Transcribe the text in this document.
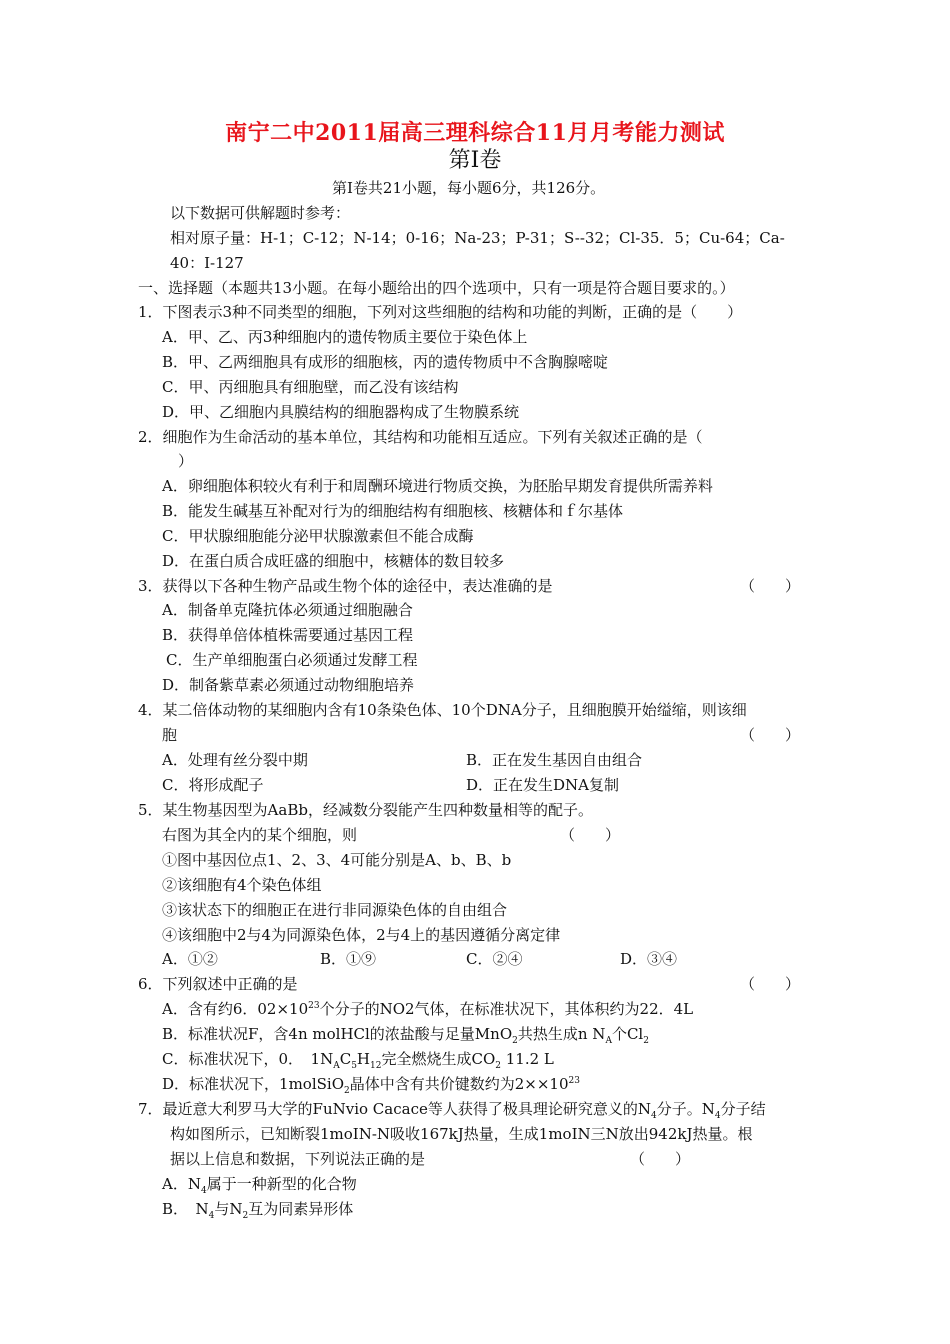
南宁二中2011届高三理科综合11月月考能力测试
第Ⅰ卷
第Ⅰ卷共21小题，每小题6分，共126分。
以下数据可供解题时参考：
相对原子量：H-1；C-12；N-14；0-16；Na-23；P-31；S--32；Cl-35．5；Cu-64；Ca-
40：I-127
一、选择题（本题共13小题。在每小题给出的四个选项中，只有一项是符合题目要求的。）
1．下图表示3种不同类型的细胞，下列对这些细胞的结构和功能的判断，正确的是（　　）
A．甲、乙、丙3种细胞内的遗传物质主要位于染色体上
B．甲、乙两细胞具有成形的细胞核，丙的遗传物质中不含胸腺嘧啶
C．甲、丙细胞具有细胞壁，而乙没有该结构
D．甲、乙细胞内具膜结构的细胞器构成了生物膜系统
2．细胞作为生命活动的基本单位，其结构和功能相互适应。下列有关叙述正确的是（
）
A．卵细胞体积较火有利于和周酬环境进行物质交换，为胚胎早期发育提供所需养料
B．能发生碱基互补配对行为的细胞结构有细胞核、核糖体和ｆ尔基体
C．甲状腺细胞能分泌甲状腺激素但不能合成酶
D．在蛋白质合成旺盛的细胞中，核糖体的数目较多
3．获得以下各种生物产品或生物个体的途径中，表达准确的是	（　　）
A．制备单克隆抗体必须通过细胞融合
B．获得单倍体植株需要通过基因工程
C．生产单细胞蛋白必须通过发酵工程
D．制备紫草素必须通过动物细胞培养
4．某二倍体动物的某细胞内含有10条染色体、10个DNA分子，且细胞膜开始缢缩，则该细
胞	（　　）
A．处理有丝分裂中期	B．正在发生基因自由组合
C．将形成配子	D．正在发生DNA复制
5．某生物基因型为AaBb，经减数分裂能产生四种数量相等的配子。
右图为其全内的某个细胞，则	（　　）
①图中基因位点1、2、3、4可能分别是A、b、B、b
②该细胞有4个染色体组
③该状态下的细胞正在进行非同源染色体的自由组合
④该细胞中2与4为同源染色体，2与4上的基因遵循分离定律
A．①②	B．①⑨	C．②④	D．③④
6．下列叙述中正确的是	（　　）
A．含有约6．$02\times 10^{23}$个分子的NO2气体，在标准状况下，其体积约为22．4L
B．标准状况F，含4n molHCl的浓盐酸与足量MnO$_2$共热生成n $N_A$个$Cl_2$
C．标准状况下，0．　$1N_AC_5H_{12}$完全燃烧生成$CO_2$ 11.2 L
D．标准状况下，1molSiO$_2$晶体中含有共价键数约为$2\times\times 10^{23}$
7．最近意大利罗马大学的FuNvio Cacace等人获得了极具理论研究意义的$N_4$分子。$N_4$分子结
构如图所示，已知断裂1moIN-N吸收167kJ热量，生成1moIN三N放出942kJ热量。根
据以上信息和数据，下列说法正确的是	（　　）
A．$N_4$属于一种新型的化合物
B．　$N_4$与$N_2$互为同素异形体
